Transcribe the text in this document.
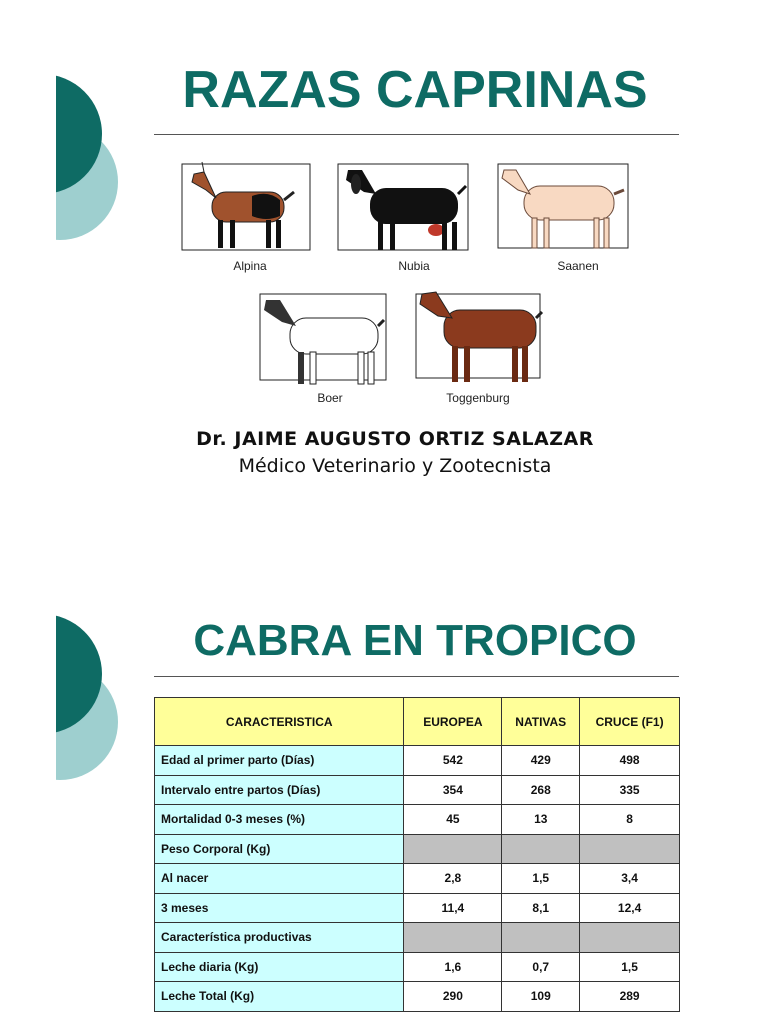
RAZAS CAPRINAS
Alpina	Nubia	Saanen
Boer	Toggenburg
Dr. JAIME AUGUSTO ORTIZ SALAZAR
Médico Veterinario y Zootecnista
CABRA EN TROPICO
CARACTERISTICA	EUROPEA	NATIVAS	CRUCE (F1)
Edad al primer parto (Días)	542	429	498
Intervalo entre partos (Días)	354	268	335
Mortalidad 0-3 meses (%)	45	13	8
Peso Corporal (Kg)			
Al nacer	2,8	1,5	3,4
3 meses	11,4	8,1	12,4
Característica productivas			
Leche diaria (Kg)	1,6	0,7	1,5
Leche Total (Kg)	290	109	289
